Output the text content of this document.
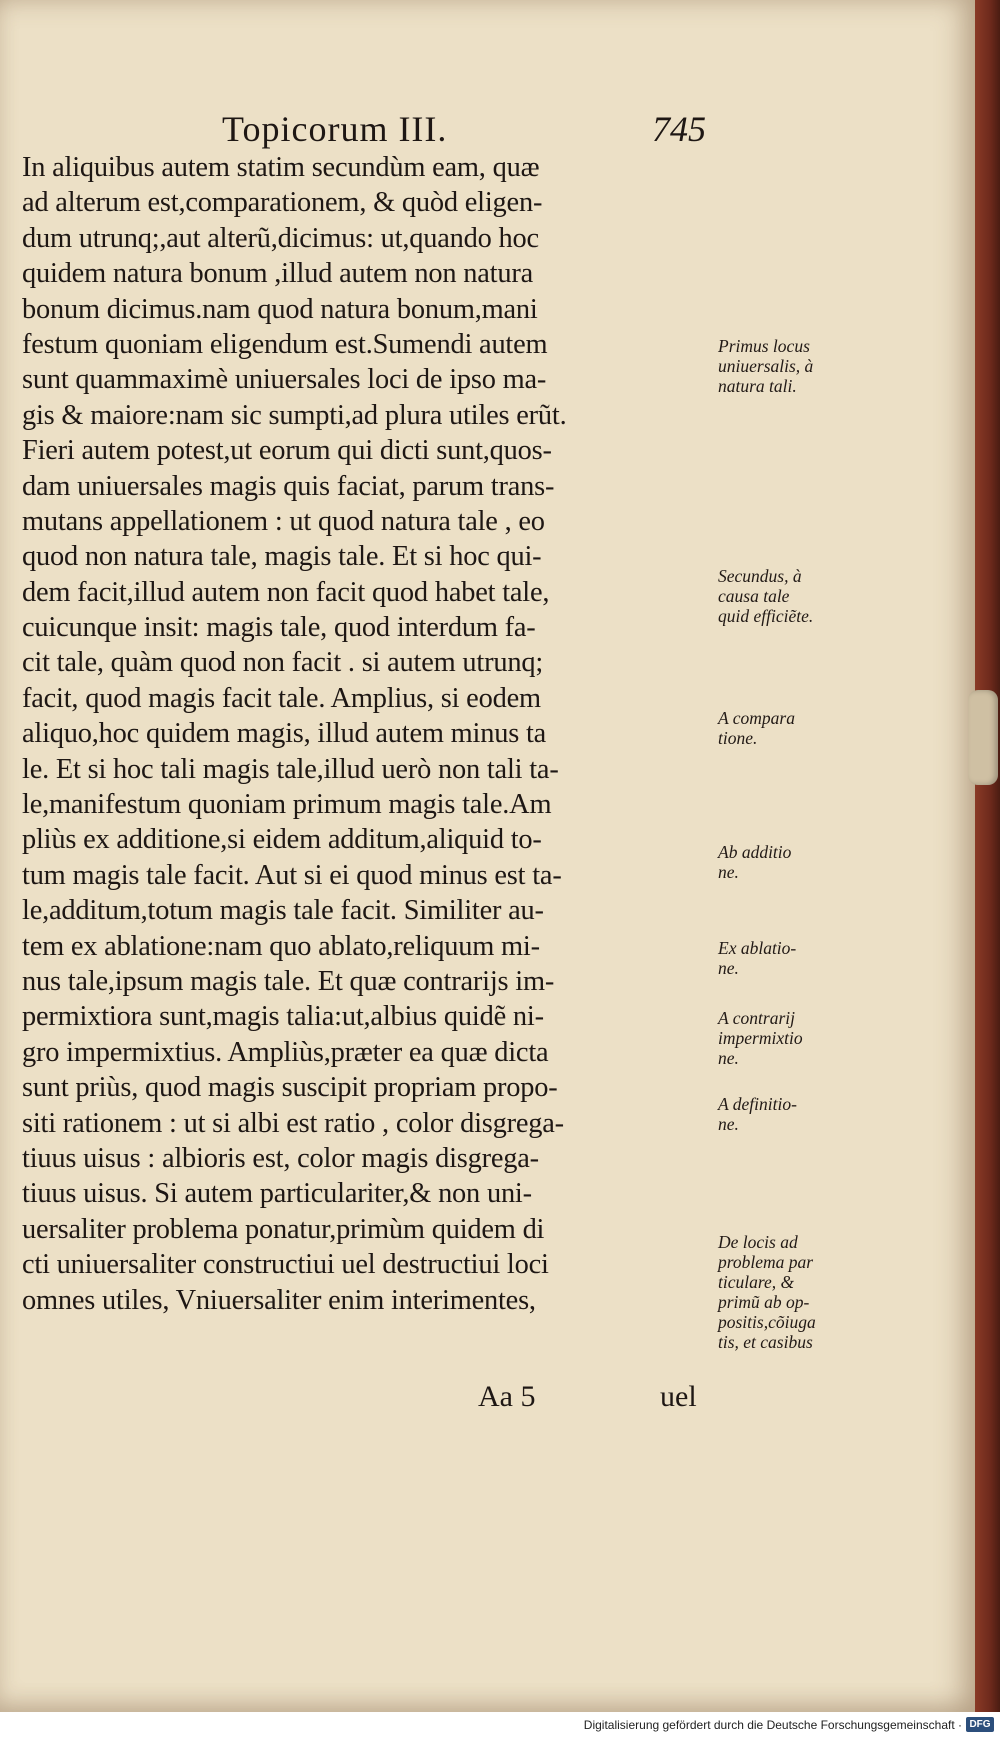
Topicorum III.	745
In aliquibus autem statim secundùm eam, quæ
ad alterum est,comparationem, & quòd eligen-
dum utrunq;,aut alterũ,dicimus: ut,quando hoc
quidem natura bonum ,illud autem non natura
bonum dicimus.nam quod natura bonum,mani
festum quoniam eligendum est.Sumendi autem
sunt quammaximè uniuersales loci de ipso ma-
gis & maiore:nam sic sumpti,ad plura utiles erũt.
Fieri autem potest,ut eorum qui dicti sunt,quos-
dam uniuersales magis quis faciat, parum trans-
mutans appellationem : ut quod natura tale , eo
quod non natura tale, magis tale. Et si hoc qui-
dem facit,illud autem non facit quod habet tale,
cuicunque insit: magis tale, quod interdum fa-
cit tale, quàm quod non facit . si autem utrunq;
facit, quod magis facit tale. Amplius, si eodem
aliquo,hoc quidem magis, illud autem minus ta
le. Et si hoc tali magis tale,illud uerò non tali ta-
le,manifestum quoniam primum magis tale.Am
pliùs ex additione,si eidem additum,aliquid to-
tum magis tale facit. Aut si ei quod minus est ta-
le,additum,totum magis tale facit. Similiter au-
tem ex ablatione:nam quo ablato,reliquum mi-
nus tale,ipsum magis tale. Et quæ contrarijs im-
permixtiora sunt,magis talia:ut,albius quidẽ ni-
gro impermixtius. Ampliùs,præter ea quæ dicta
sunt priùs, quod magis suscipit propriam propo-
siti rationem : ut si albi est ratio , color disgrega-
tiuus uisus : albioris est, color magis disgrega-
tiuus uisus. Si autem particulariter,& non uni-
uersaliter problema ponatur,primùm quidem di
cti uniuersaliter constructiui uel destructiui loci
omnes utiles, Vniuersaliter enim interimentes,
Primus locus
uniuersalis, à
natura tali.
Secundus, à
causa tale
quid efficiẽte.
A compara
tione.
Ab additio
ne.
Ex ablatio-
ne.
A contrarij
impermixtio
ne.
A definitio-
ne.
De locis ad
problema par
ticulare, &
primũ ab op-
positis,cõiuga
tis, et casibus
Aa 5	uel
Digitalisierung gefördert durch die Deutsche Forschungsgemeinschaft · DFG
